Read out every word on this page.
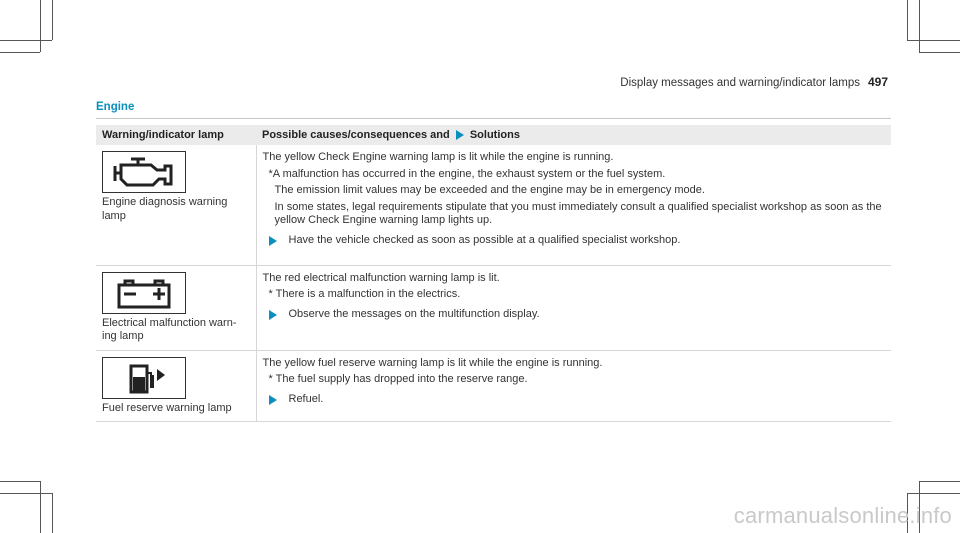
Display messages and warning/indicator lamps 497
Engine
Warning/indicator lamp	Possible causes/consequences and Solutions

Engine diagnosis warning lamp	The yellow Check Engine warning lamp is lit while the engine is running.

*A malfunction has occurred in the engine, the exhaust system or the fuel system.

The emission limit values may be exceeded and the engine may be in emergency mode.

In some states, legal requirements stipulate that you must immediately consult a qualified specialist workshop as soon as the yellow Check Engine warning lamp lights up.

Have the vehicle checked as soon as possible at a qualified specialist workshop.

Electrical malfunction warn-ing lamp	The red electrical malfunction warning lamp is lit.

* There is a malfunction in the electrics.

Observe the messages on the multifunction display.

Fuel reserve warning lamp	The yellow fuel reserve warning lamp is lit while the engine is running.

* The fuel supply has dropped into the reserve range.

Refuel.
carmanualsonline.info
